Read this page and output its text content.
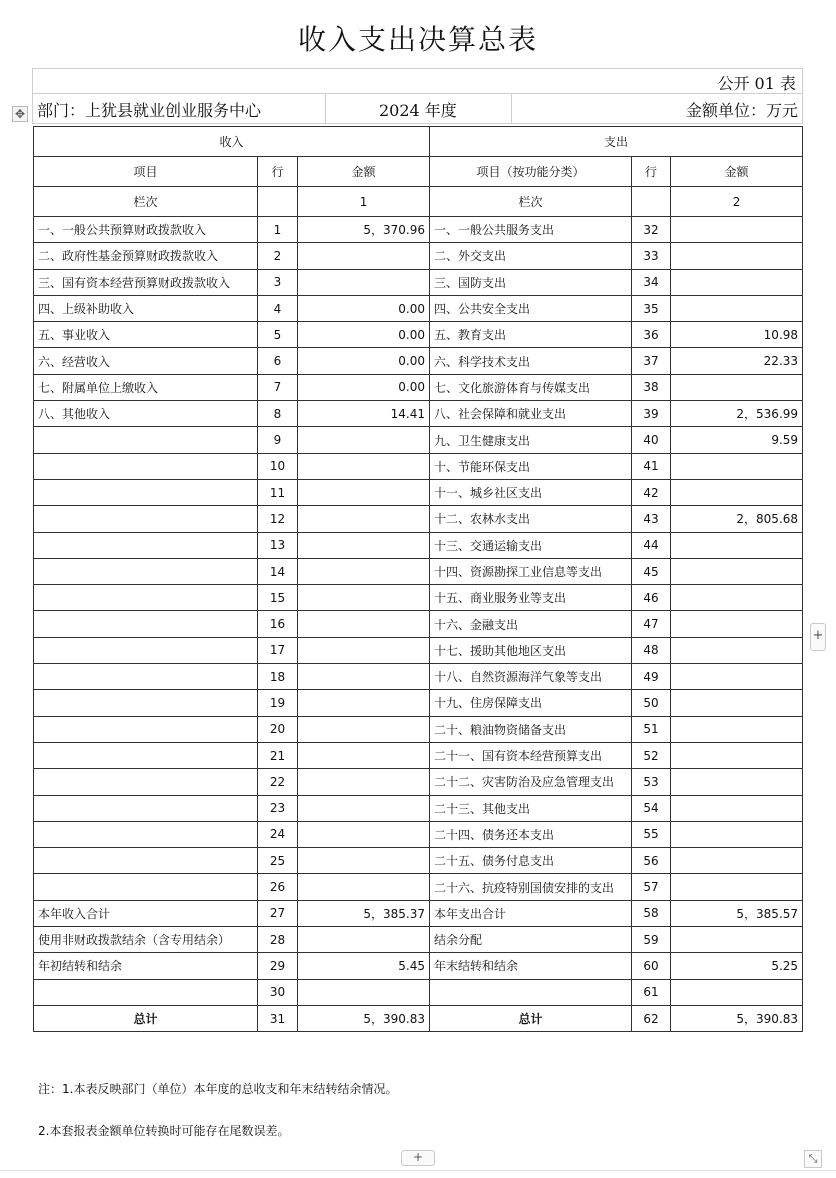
收入支出决算总表
公开 01 表
✥ 部门：上犹县就业创业服务中心	2024 年度	金额单位：万元
收入			支出		
项目	行	金额	项目（按功能分类）	行	金额
栏次		1	栏次		2
一、一般公共预算财政拨款收入	1	5，370.96	一、一般公共服务支出	32	
二、政府性基金预算财政拨款收入	2		二、外交支出	33	
三、国有资本经营预算财政拨款收入	3		三、国防支出	34	
四、上级补助收入	4	0.00	四、公共安全支出	35	
五、事业收入	5	0.00	五、教育支出	36	10.98
六、经营收入	6	0.00	六、科学技术支出	37	22.33
七、附属单位上缴收入	7	0.00	七、文化旅游体育与传媒支出	38	
八、其他收入	8	14.41	八、社会保障和就业支出	39	2，536.99
	9		九、卫生健康支出	40	9.59
	10		十、节能环保支出	41	
	11		十一、城乡社区支出	42	
	12		十二、农林水支出	43	2，805.68
	13		十三、交通运输支出	44	
	14		十四、资源勘探工业信息等支出	45	
	15		十五、商业服务业等支出	46	
	16		十六、金融支出	47	
	17		十七、援助其他地区支出	48	
	18		十八、自然资源海洋气象等支出	49	
	19		十九、住房保障支出	50	
	20		二十、粮油物资储备支出	51	
	21		二十一、国有资本经营预算支出	52	
	22		二十二、灾害防治及应急管理支出	53	
	23		二十三、其他支出	54	
	24		二十四、债务还本支出	55	
	25		二十五、债务付息支出	56	
	26		二十六、抗疫特别国债安排的支出	57	
本年收入合计	27	5，385.37	本年支出合计	58	5，385.57
使用非财政拨款结余（含专用结余）	28		结余分配	59	
年初结转和结余	29	5.45	年末结转和结余	60	5.25
	30			61	
总计	31	5，390.83	总计	62	5，390.83
注：1.本表反映部门（单位）本年度的总收支和年末结转结余情况。
2.本套报表金额单位转换时可能存在尾数误差。
+
+	⤡
